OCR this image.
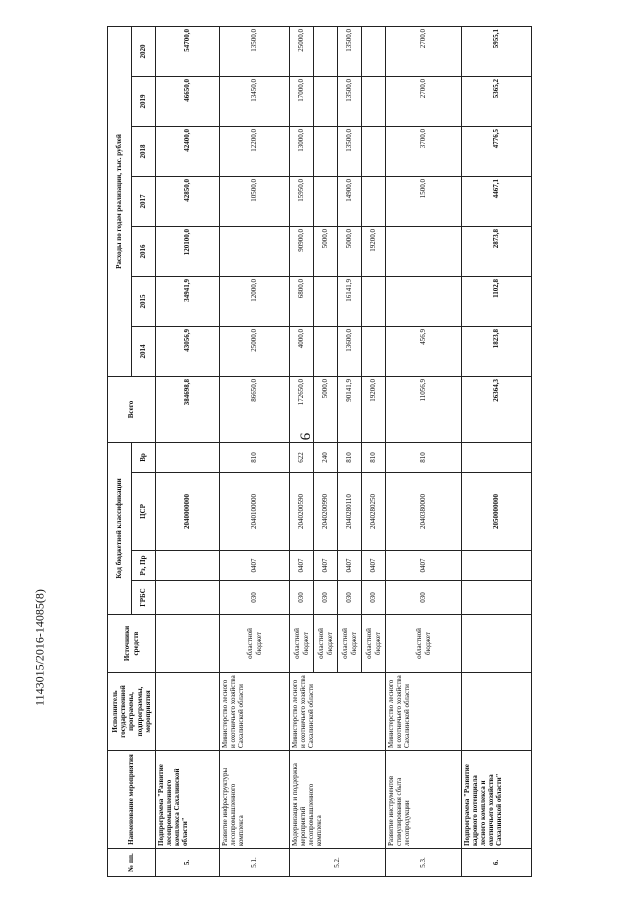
9
1143015/2016-14085(8)
№ пп.	Наименование мероприятия	Исполнитель государственной программы, подпрограммы, мероприятия	Источники средств	Код бюджетной классификации				Всего	Расходы по годам реализации, тыс. рублей						
				ГРБС	Рз, Пр	ЦСР	Вр		2014	2015	2016	2017	2018	2019	2020
5.	Подпрограмма "Развитие лесопромышленного комплекса Сахалинской области"					2040000000		384698,8	43056,9	34941,9	120100,0	42850,0	42400,0	46650,0	54700,0
5.1.	Развитие инфраструктуры лесопромышленного комплекса	Министерство лесного и охотничьего хозяйства Сахалинской области	областной бюджет	030	0407	2040100000	810	86650,0	25000,0	12000,0		10500,0	12200,0	13450,0	13500,0
5.2.	Модернизация и поддержка мероприятий лесопромышленного комплекса	Министерство лесного и охотничьего хозяйства Сахалинской области	областной бюджет	030	0407	2040200590	622	172650,0	4000,0	6800,0	90900,0	15950,0	13000,0	17000,0	25000,0
			областной бюджет	030	0407	2040200990	240	5000,0			5000,0				
			областной бюджет	030	0407	2040280110	810	90141,9	13600,0	16141,9	5000,0	14900,0	13500,0	13500,0	13500,0
			областной бюджет	030	0407	2040280250	810	19200,0			19200,0				
5.3.	Развитие инструментов стимулирования сбыта лесопродукции	Министерство лесного и охотничьего хозяйства Сахалинской области	областной бюджет	030	0407	2040380000	810	11056,9	456,9			1500,0	3700,0	2700,0	2700,0
6.	Подпрограмма "Развитие кадрового потенциала лесного комплекса и охотничьего хозяйства Сахалинской области"					2050000000		26364,3	1823,8	1102,8	2873,8	4467,1	4776,5	5365,2	5955,1
